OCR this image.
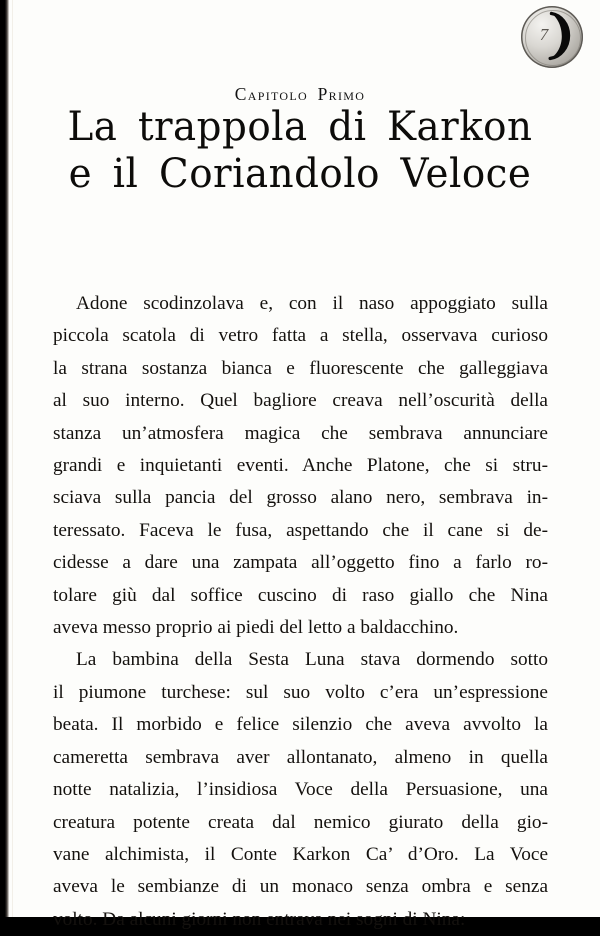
7
Capitolo Primo
La trappola di Karkon
e il Coriandolo Veloce

Adone scodinzolava e, con il naso appoggiato sulla
piccola scatola di vetro fatta a stella, osservava curioso
la strana sostanza bianca e fluorescente che galleggiava
al suo interno. Quel bagliore creava nell’oscurità della
stanza un’atmosfera magica che sembrava annunciare
grandi e inquietanti eventi. Anche Platone, che si stru-
sciava sulla pancia del grosso alano nero, sembrava in-
teressato. Faceva le fusa, aspettando che il cane si de-
cidesse a dare una zampata all’oggetto fino a farlo ro-
tolare giù dal soffice cuscino di raso giallo che Nina
aveva messo proprio ai piedi del letto a baldacchino.

La bambina della Sesta Luna stava dormendo sotto
il piumone turchese: sul suo volto c’era un’espressione
beata. Il morbido e felice silenzio che aveva avvolto la
cameretta sembrava aver allontanato, almeno in quella
notte natalizia, l’insidiosa Voce della Persuasione, una
creatura potente creata dal nemico giurato della gio-
vane alchimista, il Conte Karkon Ca’ d’Oro. La Voce
aveva le sembianze di un monaco senza ombra e senza
volto. Da alcuni giorni non entrava nei sogni di Nina:
